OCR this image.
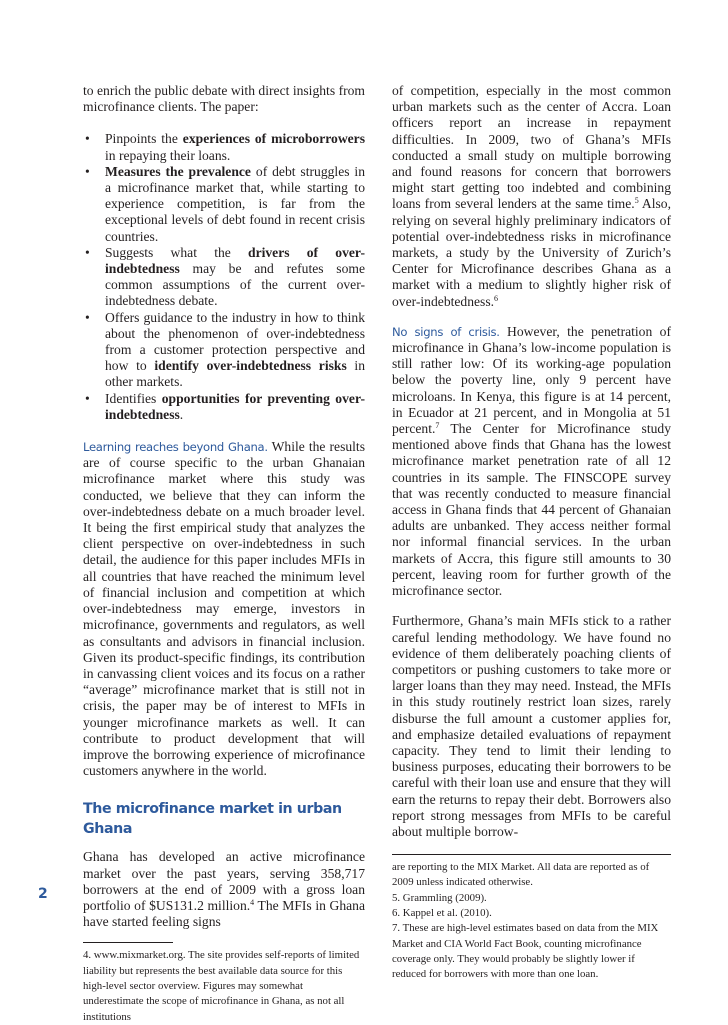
to enrich the public debate with direct insights from microfinance clients. The paper:

• Pinpoints the experiences of microborrowers in repaying their loans.
• Measures the prevalence of debt struggles in a microfinance market that, while starting to experience competition, is far from the exceptional levels of debt found in recent crisis countries.
• Suggests what the drivers of over-indebtedness may be and refutes some common assumptions of the current over-indebtedness debate.
• Offers guidance to the industry in how to think about the phenomenon of over-indebtedness from a customer protection perspective and how to identify over-indebtedness risks in other markets.
• Identifies opportunities for preventing over-indebtedness.

Learning reaches beyond Ghana. While the results are of course specific to the urban Ghanaian microfinance market where this study was conducted, we believe that they can inform the over-indebtedness debate on a much broader level. It being the first empirical study that analyzes the client perspective on over-indebtedness in such detail, the audience for this paper includes MFIs in all countries that have reached the minimum level of financial inclusion and competition at which over-indebtedness may emerge, investors in microfinance, governments and regulators, as well as consultants and advisors in financial inclusion. Given its product-specific findings, its contribution in canvassing client voices and its focus on a rather “average” microfinance market that is still not in crisis, the paper may be of interest to MFIs in younger microfinance markets as well. It can contribute to product development that will improve the borrowing experience of microfinance customers anywhere in the world.

The microfinance market in urban Ghana

Ghana has developed an active microfinance market over the past years, serving 358,717 borrowers at the end of 2009 with a gross loan portfolio of $US131.2 million.$^4$ The MFIs in Ghana have started feeling signs

4. www.mixmarket.org. The site provides self-reports of limited liability but represents the best available data source for this high-level sector overview. Figures may somewhat underestimate the scope of microfinance in Ghana, as not all institutions

of competition, especially in the most common urban markets such as the center of Accra. Loan officers report an increase in repayment difficulties. In 2009, two of Ghana’s MFIs conducted a small study on multiple borrowing and found reasons for concern that borrowers might start getting too indebted and combining loans from several lenders at the same time.$^5$ Also, relying on several highly preliminary indicators of potential over-indebtedness risks in microfinance markets, a study by the University of Zurich’s Center for Microfinance describes Ghana as a market with a medium to slightly higher risk of over-indebtedness.$^6$

No signs of crisis. However, the penetration of microfinance in Ghana’s low-income population is still rather low: Of its working-age population below the poverty line, only 9 percent have microloans. In Kenya, this figure is at 14 percent, in Ecuador at 21 percent, and in Mongolia at 51 percent.$^7$ The Center for Microfinance study mentioned above finds that Ghana has the lowest microfinance market penetration rate of all 12 countries in its sample. The FINSCOPE survey that was recently conducted to measure financial access in Ghana finds that 44 percent of Ghanaian adults are unbanked. They access neither formal nor informal financial services. In the urban markets of Accra, this figure still amounts to 30 percent, leaving room for further growth of the microfinance sector.

Furthermore, Ghana’s main MFIs stick to a rather careful lending methodology. We have found no evidence of them deliberately poaching clients of competitors or pushing customers to take more or larger loans than they may need. Instead, the MFIs in this study routinely restrict loan sizes, rarely disburse the full amount a customer applies for, and emphasize detailed evaluations of repayment capacity. They tend to limit their lending to business purposes, educating their borrowers to be careful with their loan use and ensure that they will earn the returns to repay their debt. Borrowers also report strong messages from MFIs to be careful about multiple borrow-

are reporting to the MIX Market. All data are reported as of 2009 unless indicated otherwise.
5. Grammling (2009).
6. Kappel et al. (2010).
7. These are high-level estimates based on data from the MIX Market and CIA World Fact Book, counting microfinance coverage only. They would probably be slightly lower if reduced for borrowers with more than one loan.
2
